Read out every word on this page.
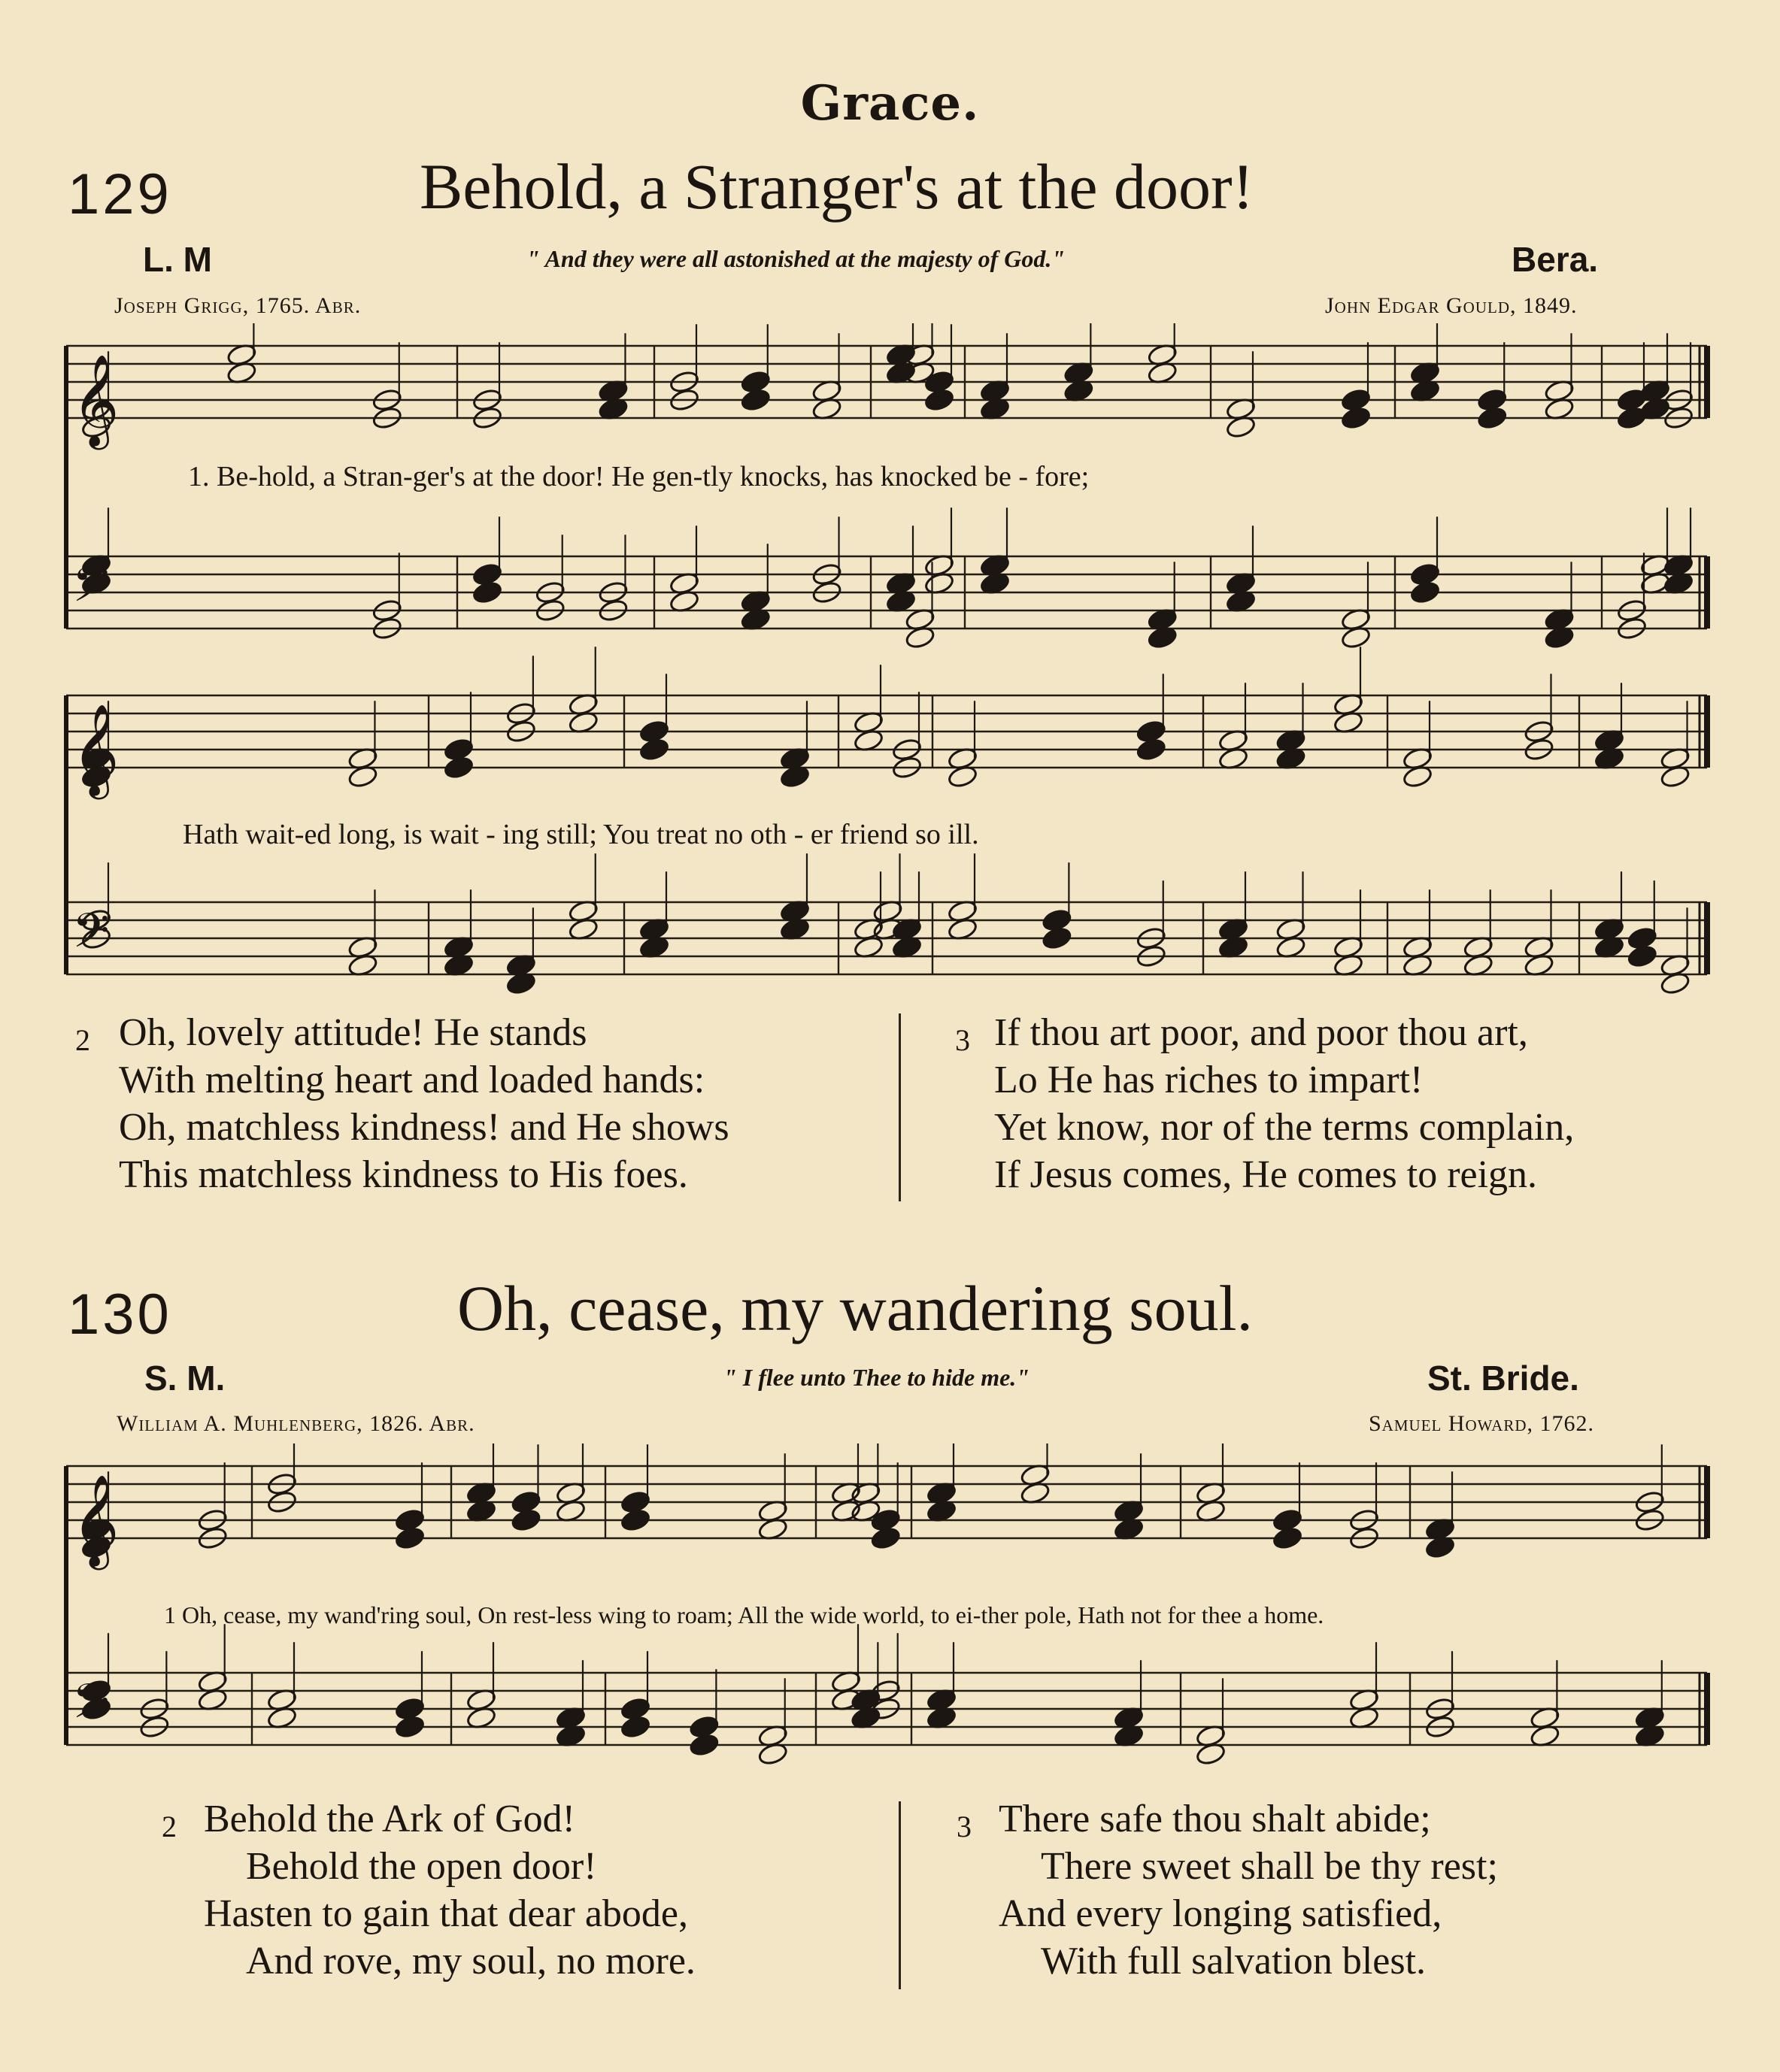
Grace.
129	Behold, a Stranger's at the door!
L. M	" And they were all astonished at the majesty of God."	Bera.
Joseph Grigg, 1765. Abr.	John Edgar Gould, 1849.
𝄞
𝄢
𝄞
𝄢
1. Be-hold, a Stran-ger's at the door! He gen-tly knocks, has knocked be - fore;
Hath wait-ed long, is wait - ing still; You treat no oth - er friend so ill.
2 Oh, lovely attitude! He stands
With melting heart and loaded hands:
Oh, matchless kindness! and He shows
This matchless kindness to His foes.
3 If thou art poor, and poor thou art,
Lo He has riches to impart!
Yet know, nor of the terms complain,
If Jesus comes, He comes to reign.
130	Oh, cease, my wandering soul.
S. M.	" I flee unto Thee to hide me."	St. Bride.
William A. Muhlenberg, 1826. Abr.	Samuel Howard, 1762.
𝄞
𝄢
1 Oh, cease, my wand'ring soul, On rest-less wing to roam; All the wide world, to ei-ther pole, Hath not for thee a home.
2 Behold the Ark of God!
Behold the open door!
Hasten to gain that dear abode,
And rove, my soul, no more.
3 There safe thou shalt abide;
There sweet shall be thy rest;
And every longing satisfied,
With full salvation blest.
